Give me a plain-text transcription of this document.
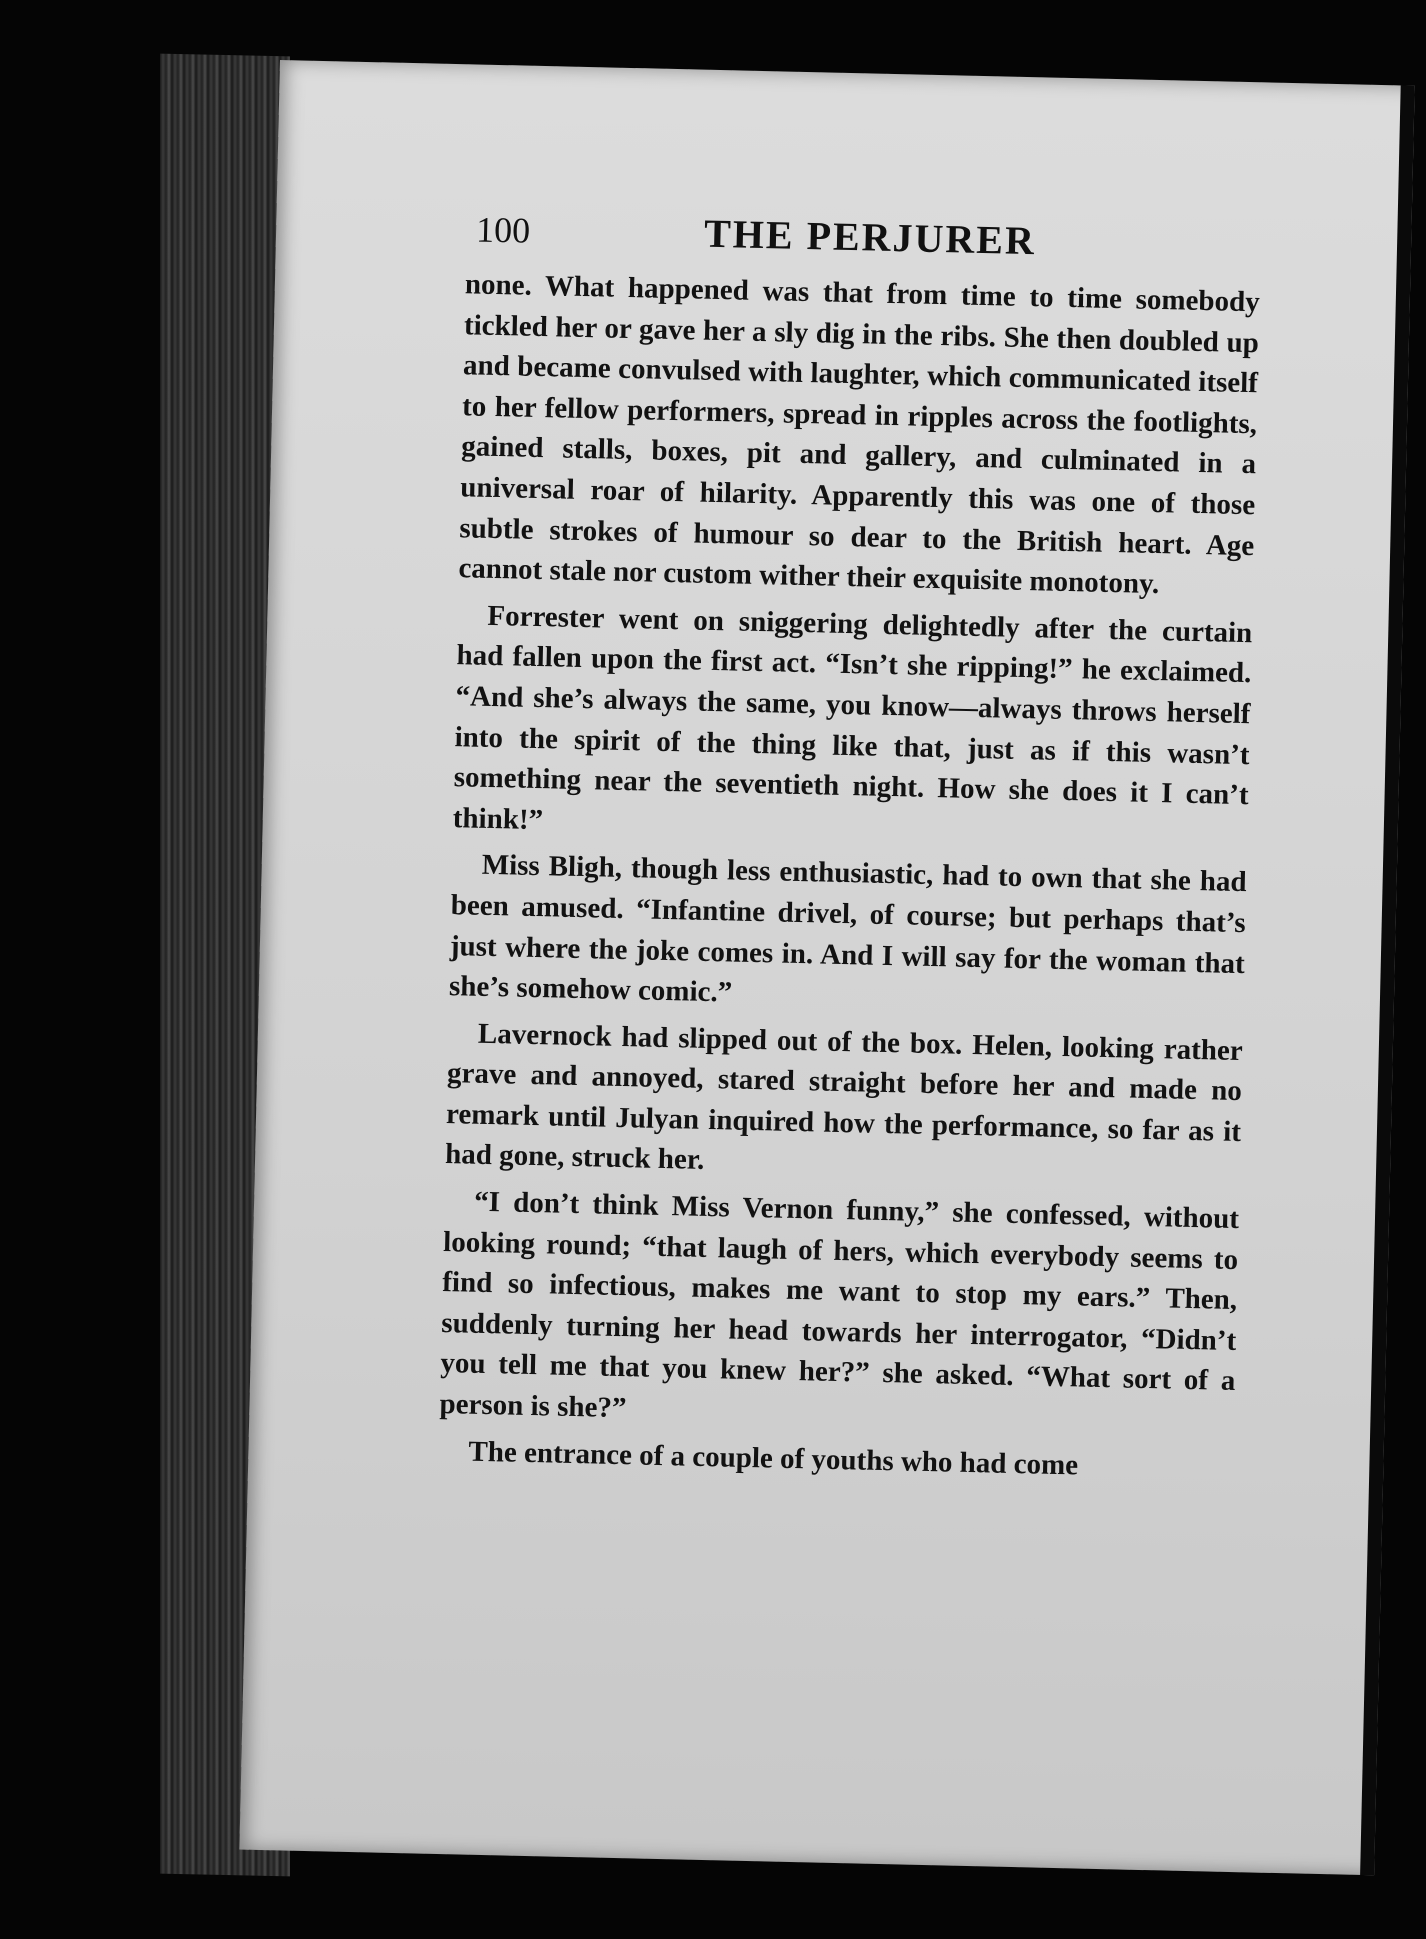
100	THE PERJURER

none. What happened was that from time to time somebody tickled her or gave her a sly dig in the ribs. She then doubled up and became convulsed with laughter, which communicated itself to her fellow performers, spread in ripples across the footlights, gained stalls, boxes, pit and gallery, and culminated in a universal roar of hilarity. Apparently this was one of those subtle strokes of humour so dear to the British heart. Age cannot stale nor custom wither their exquisite monotony.

Forrester went on sniggering delightedly after the curtain had fallen upon the first act. “Isn’t she ripping!” he exclaimed. “And she’s always the same, you know—always throws herself into the spirit of the thing like that, just as if this wasn’t something near the seventieth night. How she does it I can’t think!”

Miss Bligh, though less enthusiastic, had to own that she had been amused. “Infantine drivel, of course; but perhaps that’s just where the joke comes in. And I will say for the woman that she’s somehow comic.”

Lavernock had slipped out of the box. Helen, looking rather grave and annoyed, stared straight before her and made no remark until Julyan inquired how the performance, so far as it had gone, struck her.

“I don’t think Miss Vernon funny,” she confessed, without looking round; “that laugh of hers, which everybody seems to find so infectious, makes me want to stop my ears.” Then, suddenly turning her head towards her interrogator, “Didn’t you tell me that you knew her?” she asked. “What sort of a person is she?”

The entrance of a couple of youths who had come
